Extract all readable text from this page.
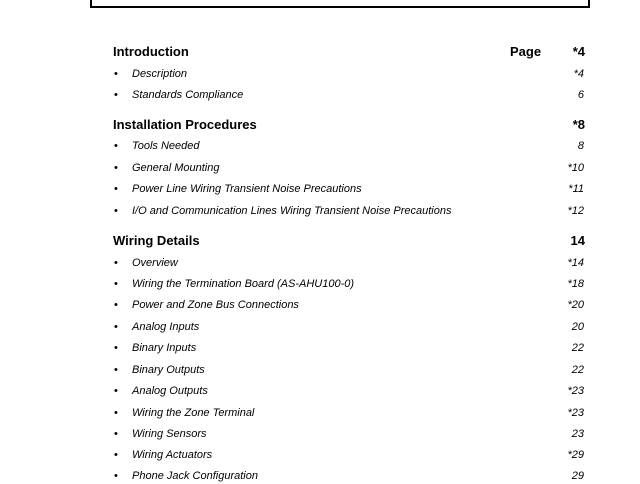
Introduction	Page *4
• Description	*4
• Standards Compliance	6
Installation Procedures	*8
• Tools Needed	8
• General Mounting	*10
• Power Line Wiring Transient Noise Precautions	*11
• I/O and Communication Lines Wiring Transient Noise Precautions	*12
Wiring Details	14
• Overview	*14
• Wiring the Termination Board (AS-AHU100-0)	*18
• Power and Zone Bus Connections	*20
• Analog Inputs	20
• Binary Inputs	22
• Binary Outputs	22
• Analog Outputs	*23
• Wiring the Zone Terminal	*23
• Wiring Sensors	23
• Wiring Actuators	*29
• Phone Jack Configuration	29
